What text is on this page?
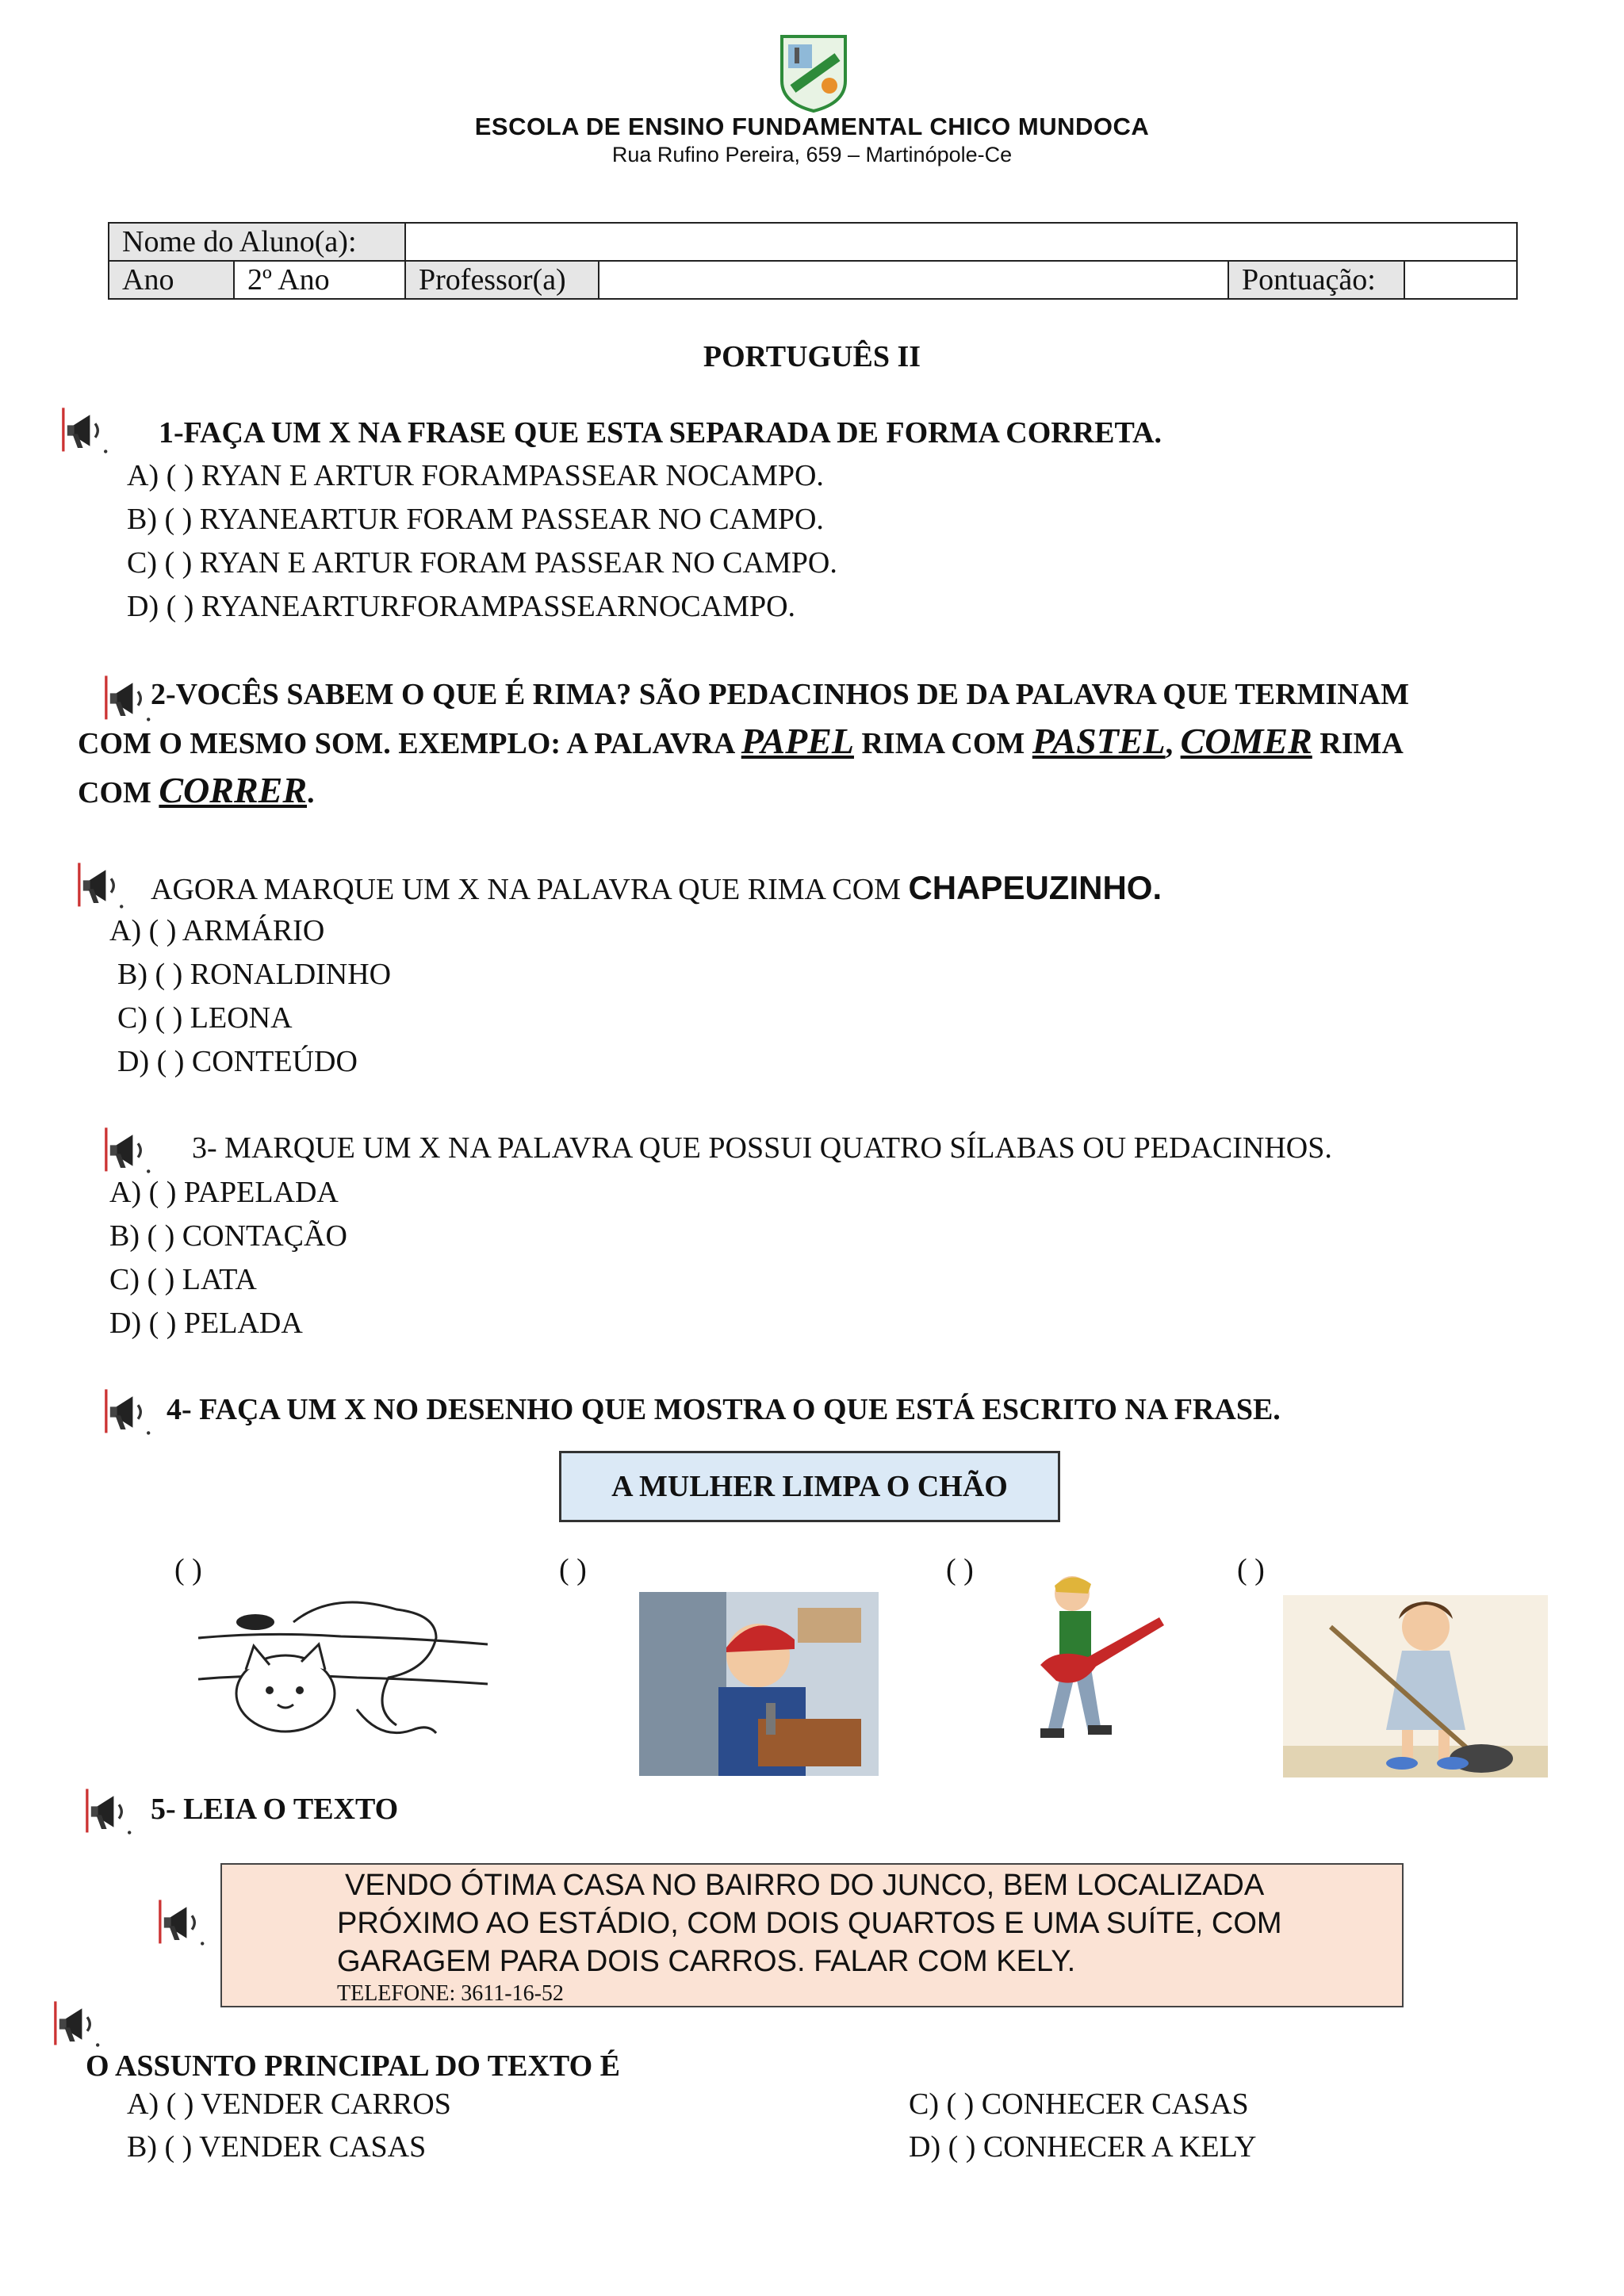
ESCOLA DE ENSINO FUNDAMENTAL CHICO MUNDOCA
Rua Rufino Pereira, 659 – Martinópole-Ce
Nome do Aluno(a):					
Ano	2º Ano	Professor(a)		Pontuação:	
PORTUGUÊS II
1-FAÇA UM X NA FRASE QUE ESTA SEPARADA DE FORMA CORRETA.
A) ( ) RYAN E ARTUR FORAMPASSEAR NOCAMPO.
B) ( ) RYANEARTUR FORAM PASSEAR NO CAMPO.
C) ( ) RYAN E ARTUR FORAM PASSEAR NO CAMPO.
D) ( ) RYANEARTURFORAMPASSEARNOCAMPO.
2-VOCÊS SABEM O QUE É RIMA? SÃO PEDACINHOS DE DA PALAVRA QUE TERMINAM
COM O MESMO SOM. EXEMPLO: A PALAVRA PAPEL RIMA COM PASTEL, COMER RIMA
COM CORRER.
AGORA MARQUE UM X NA PALAVRA QUE RIMA COM CHAPEUZINHO.
A) ( ) ARMÁRIO
B) ( ) RONALDINHO
C) ( ) LEONA
D) ( ) CONTEÚDO
3- MARQUE UM X NA PALAVRA QUE POSSUI QUATRO SÍLABAS OU PEDACINHOS.
A) ( ) PAPELADA
B) ( ) CONTAÇÃO
C) ( ) LATA
D) ( ) PELADA
4- FAÇA UM X NO DESENHO QUE MOSTRA O QUE ESTÁ ESCRITO NA FRASE.
A MULHER LIMPA O CHÃO
( )	( )	( )	( )
5- LEIA O TEXTO
VENDO ÓTIMA CASA NO BAIRRO DO JUNCO, BEM LOCALIZADA
PRÓXIMO AO ESTÁDIO, COM DOIS QUARTOS E UMA SUÍTE, COM
GARAGEM PARA DOIS CARROS. FALAR COM KELY.
TELEFONE: 3611-16-52
O ASSUNTO PRINCIPAL DO TEXTO É
A) ( ) VENDER CARROS
B) ( ) VENDER CASAS
C) ( ) CONHECER CASAS
D) ( ) CONHECER A KELY
